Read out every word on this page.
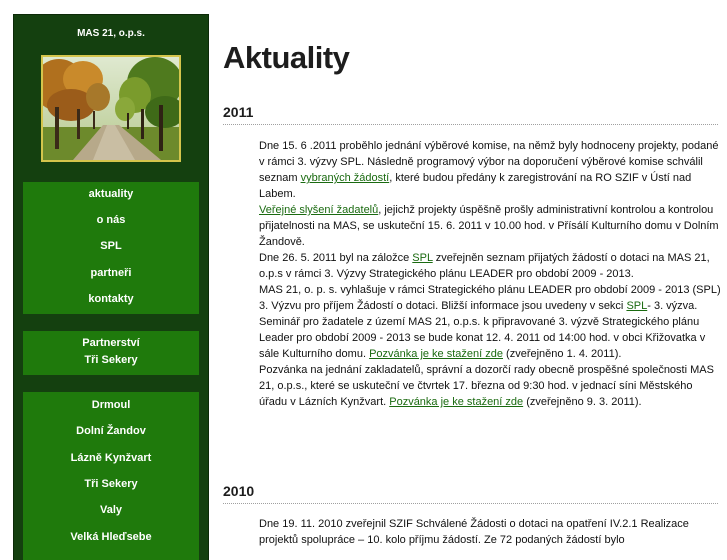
MAS 21, o.p.s.
aktuality
o nás
SPL
partneři
kontakty
Partnerství
Tři Sekery
Drmoul
Dolní Žandov
Lázně Kynžvart
Tři Sekery
Valy
Velká Hleďsebe
Aktuality
2011

Dne 15. 6 .2011 proběhlo jednání výběrové komise, na němž byly hodnoceny projekty, podané v rámci 3. výzvy SPL. Následně programový výbor na doporučení výběrové komise schválil seznam vybraných žádostí, které budou předány k zaregistrování na RO SZIF v Ústí nad Labem.

Veřejné slyšení žadatelů, jejichž projekty úspěšně prošly administrativní kontrolou a kontrolou přijatelnosti na MAS, se uskuteční 15. 6. 2011 v 10.00 hod. v Přísálí Kulturního domu v Dolním Žandově.

Dne 26. 5. 2011 byl na záložce SPL zveřejněn seznam přijatých žádostí o dotaci na MAS 21, o.p.s v rámci 3. Výzvy Strategického plánu LEADER pro období 2009 - 2013.

MAS 21, o. p. s. vyhlašuje v rámci Strategického plánu LEADER pro období 2009 - 2013 (SPL) 3. Výzvu pro příjem Žádostí o dotaci. Bližší informace jsou uvedeny v sekci SPL- 3. výzva.

Seminář pro žadatele z území MAS 21, o.p.s. k připravované 3. výzvě Strategického plánu Leader pro období 2009 - 2013 se bude konat 12. 4. 2011 od 14:00 hod. v obci Křižovatka v sále Kulturního domu. Pozvánka je ke stažení zde (zveřejněno 1. 4. 2011).

Pozvánka na jednání zakladatelů, správní a dozorčí rady obecně prospěšné společnosti MAS 21, o.p.s., které se uskuteční ve čtvrtek 17. března od 9:30 hod. v jednací síni Městského úřadu v Lázních Kynžvart. Pozvánka je ke stažení zde (zveřejněno 9. 3. 2011).

2010

Dne 19. 11. 2010 zveřejnil SZIF Schválené Žádosti o dotaci na opatření IV.2.1 Realizace projektů spolupráce – 10. kolo příjmu žádostí. Ze 72 podaných žádostí bylo
